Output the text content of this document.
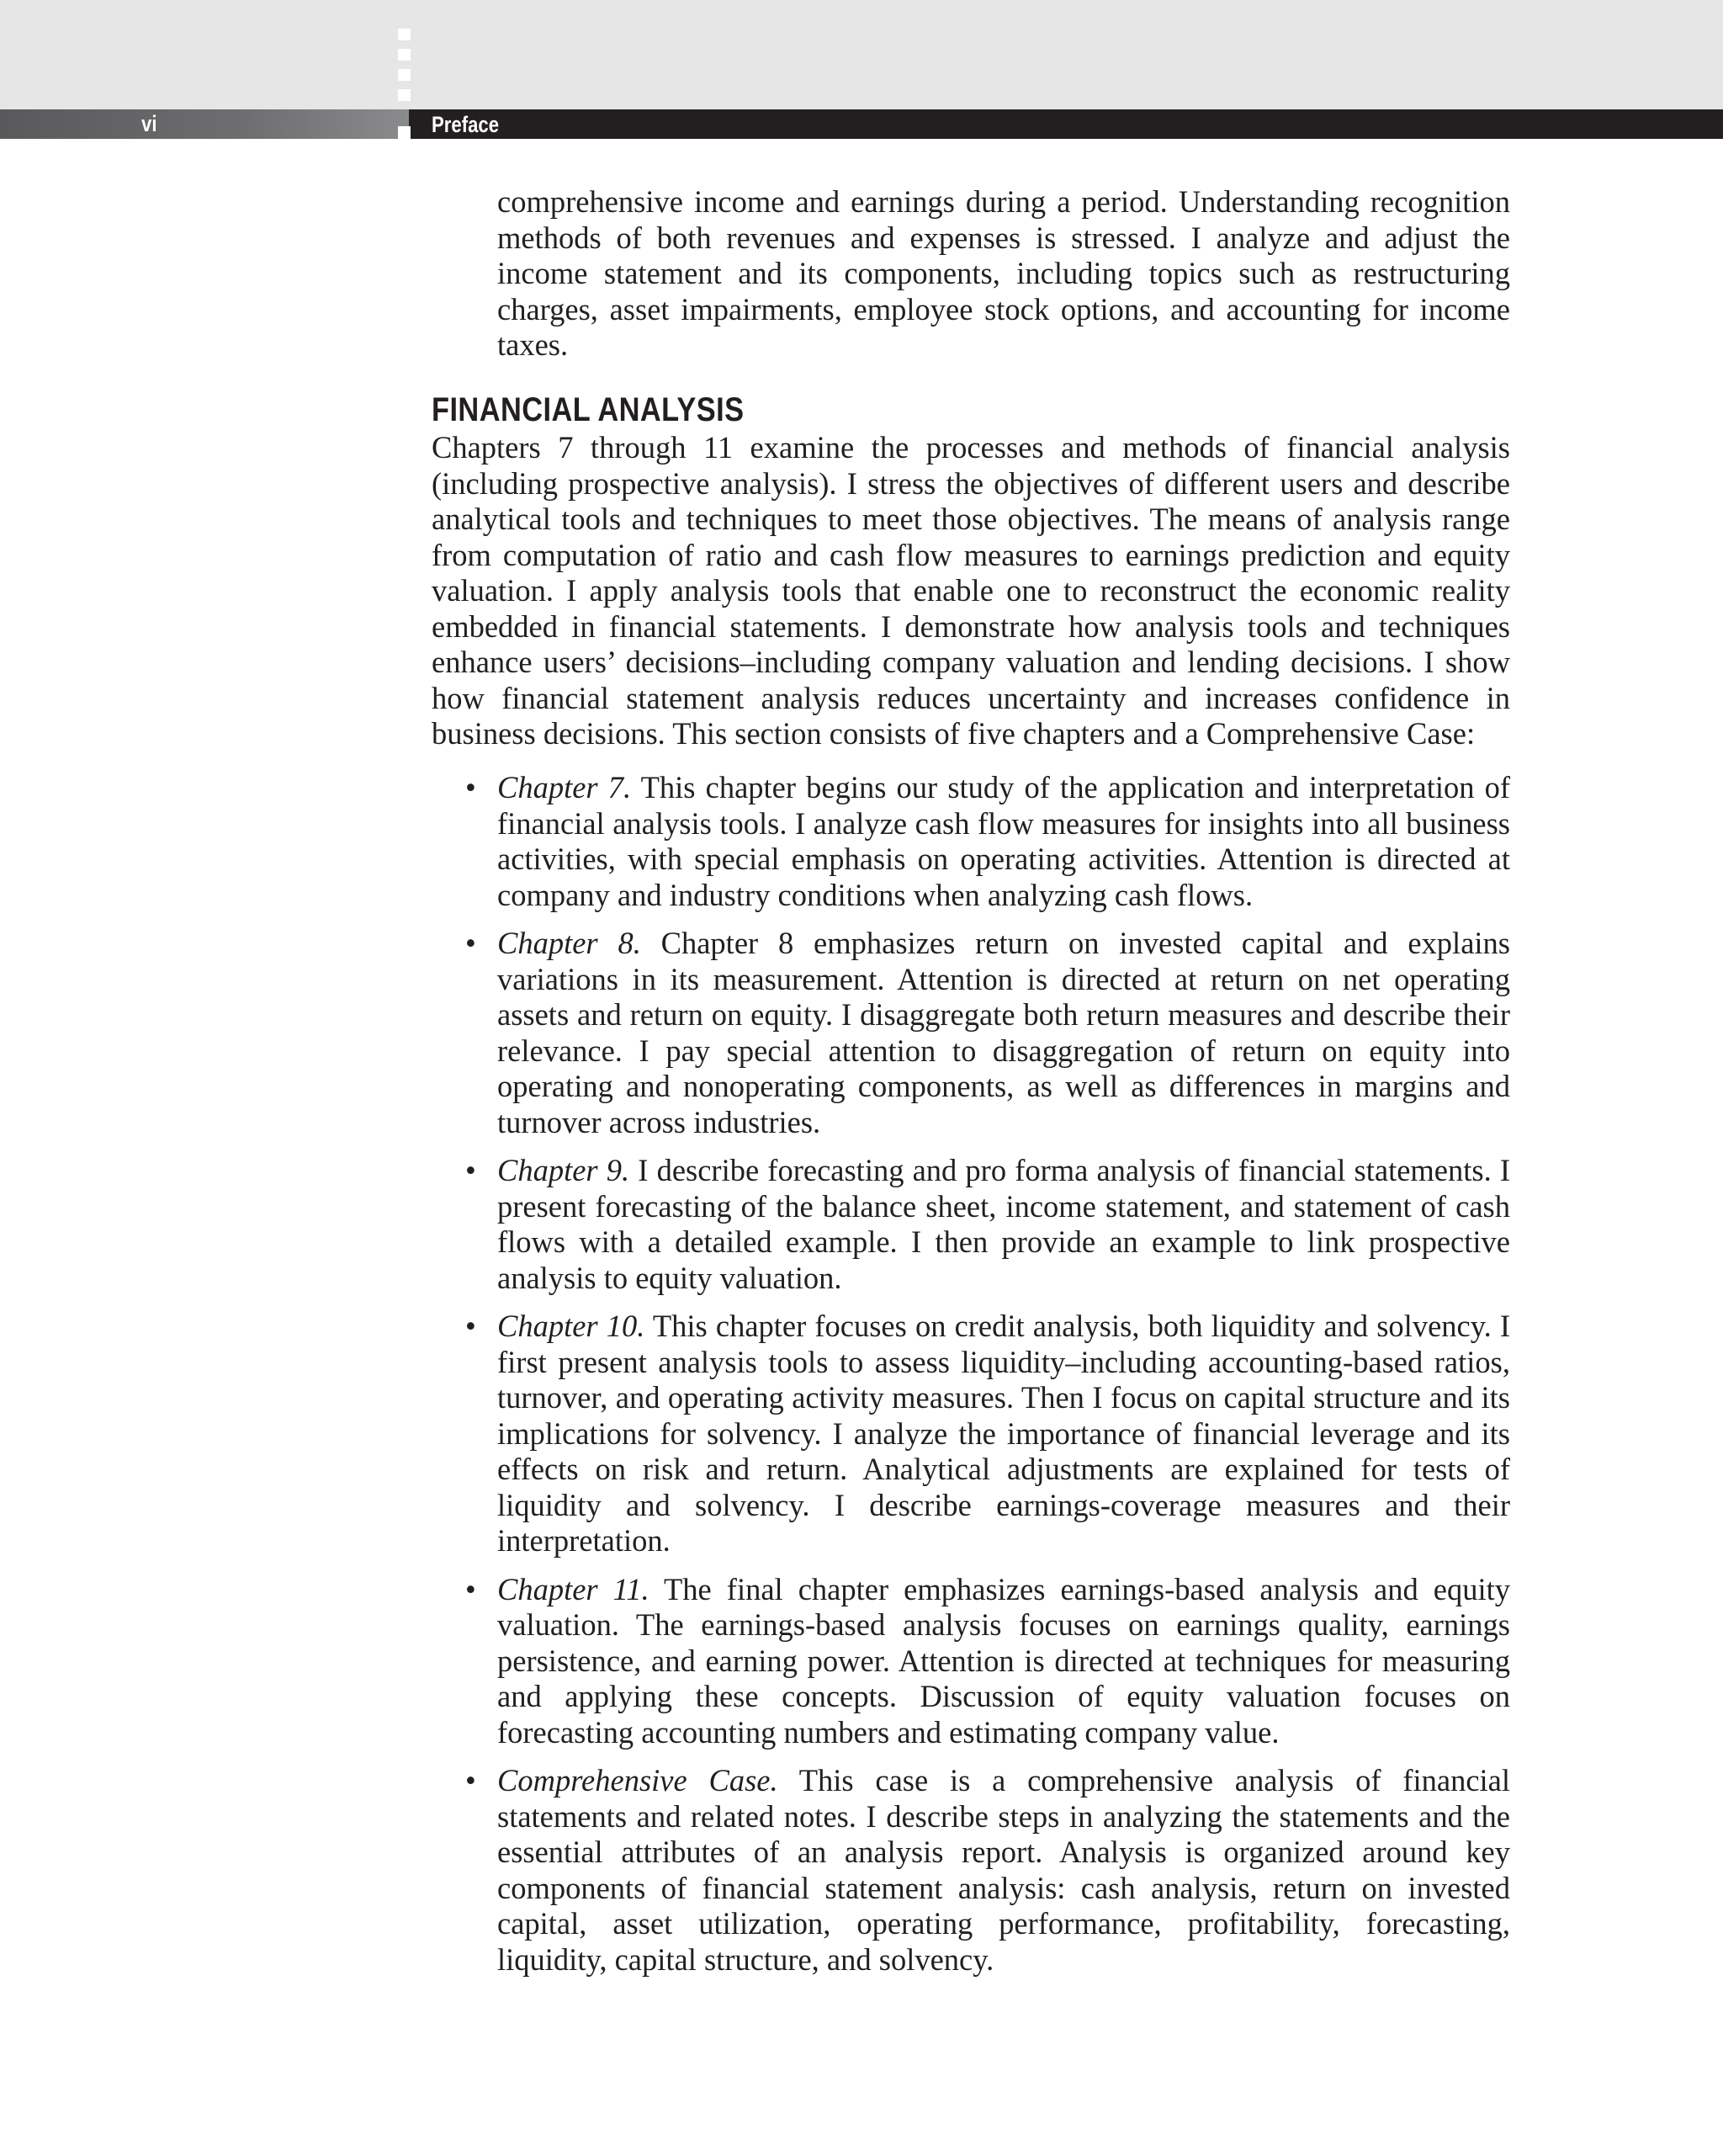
vi	Preface

comprehensive income and earnings during a period. Understanding recognition methods of both revenues and expenses is stressed. I analyze and adjust the income statement and its components, including topics such as restructuring charges, asset impairments, employee stock options, and accounting for income taxes.

FINANCIAL ANALYSIS

Chapters 7 through 11 examine the processes and methods of financial analysis (including prospective analysis). I stress the objectives of different users and describe analytical tools and techniques to meet those objectives. The means of analysis range from computation of ratio and cash flow measures to earnings prediction and equity valuation. I apply analysis tools that enable one to reconstruct the economic reality embedded in financial statements. I demonstrate how analysis tools and techniques enhance users’ decisions–including company valuation and lending decisions. I show how financial statement analysis reduces uncertainty and increases confidence in business decisions. This section consists of five chapters and a Comprehensive Case:

• Chapter 7. This chapter begins our study of the application and interpretation of financial analysis tools. I analyze cash flow measures for insights into all business activities, with special emphasis on operating activities. Attention is directed at company and industry conditions when analyzing cash flows.
• Chapter 8. Chapter 8 emphasizes return on invested capital and explains variations in its measurement. Attention is directed at return on net operating assets and return on equity. I disaggregate both return measures and describe their relevance. I pay special attention to disaggregation of return on equity into operating and nonoperating components, as well as differences in margins and turnover across industries.
• Chapter 9. I describe forecasting and pro forma analysis of financial statements. I present forecasting of the balance sheet, income statement, and statement of cash flows with a detailed example. I then provide an example to link prospective analysis to equity valuation.
• Chapter 10. This chapter focuses on credit analysis, both liquidity and solvency. I first present analysis tools to assess liquidity–including accounting-based ratios, turnover, and operating activity measures. Then I focus on capital structure and its implications for solvency. I analyze the importance of financial leverage and its effects on risk and return. Analytical adjustments are explained for tests of liquidity and solvency. I describe earnings-coverage measures and their interpretation.
• Chapter 11. The final chapter emphasizes earnings-based analysis and equity valuation. The earnings-based analysis focuses on earnings quality, earnings persistence, and earning power. Attention is directed at techniques for measuring and applying these concepts. Discussion of equity valuation focuses on forecasting accounting numbers and estimating company value.
• Comprehensive Case. This case is a comprehensive analysis of financial statements and related notes. I describe steps in analyzing the statements and the essential attributes of an analysis report. Analysis is organized around key components of financial statement analysis: cash analysis, return on invested capital, asset utilization, operating performance, profitability, forecasting, liquidity, capital structure, and solvency.
